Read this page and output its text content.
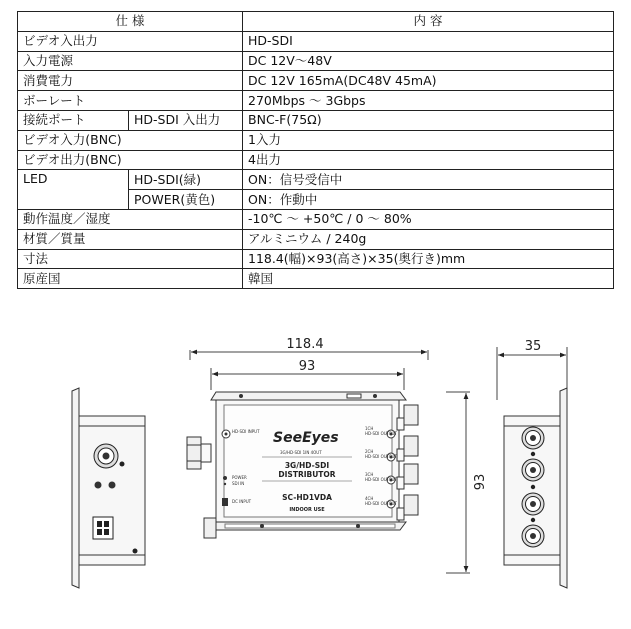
仕 様		内 容
ビデオ入出力		HD-SDI
入力電源		DC 12V〜48V
消費電力		DC 12V 165mA(DC48V 45mA)
ボーレート		270Mbps 〜 3Gbps
接続ポート	HD-SDI 入出力	BNC-F(75Ω)
ビデオ入力(BNC)		1入力
ビデオ出力(BNC)		4出力
LED	HD-SDI(緑)	ON：信号受信中
	POWER(黄色)	ON：作動中
動作温度／湿度		-10℃ 〜 +50℃ / 0 〜 80%
材質／質量		アルミニウム / 240g
寸法		118.4(幅)×93(高さ)×35(奥行き)mm
原産国		韓国
HD-SDI INPUT SeeEyes
3G/HD-SDI 1IN 4OUT
3G/HD-SDI
DISTRIBUTOR
POWER
SDI IN
SC-HD1VDA
DC INPUT
INDOOR USE
1CH
HD-SDI OUTPUT
2CH
HD-SDI OUTPUT
3CH
HD-SDI OUTPUT
4CH
HD-SDI OUTPUT
118.4
93
93
35
